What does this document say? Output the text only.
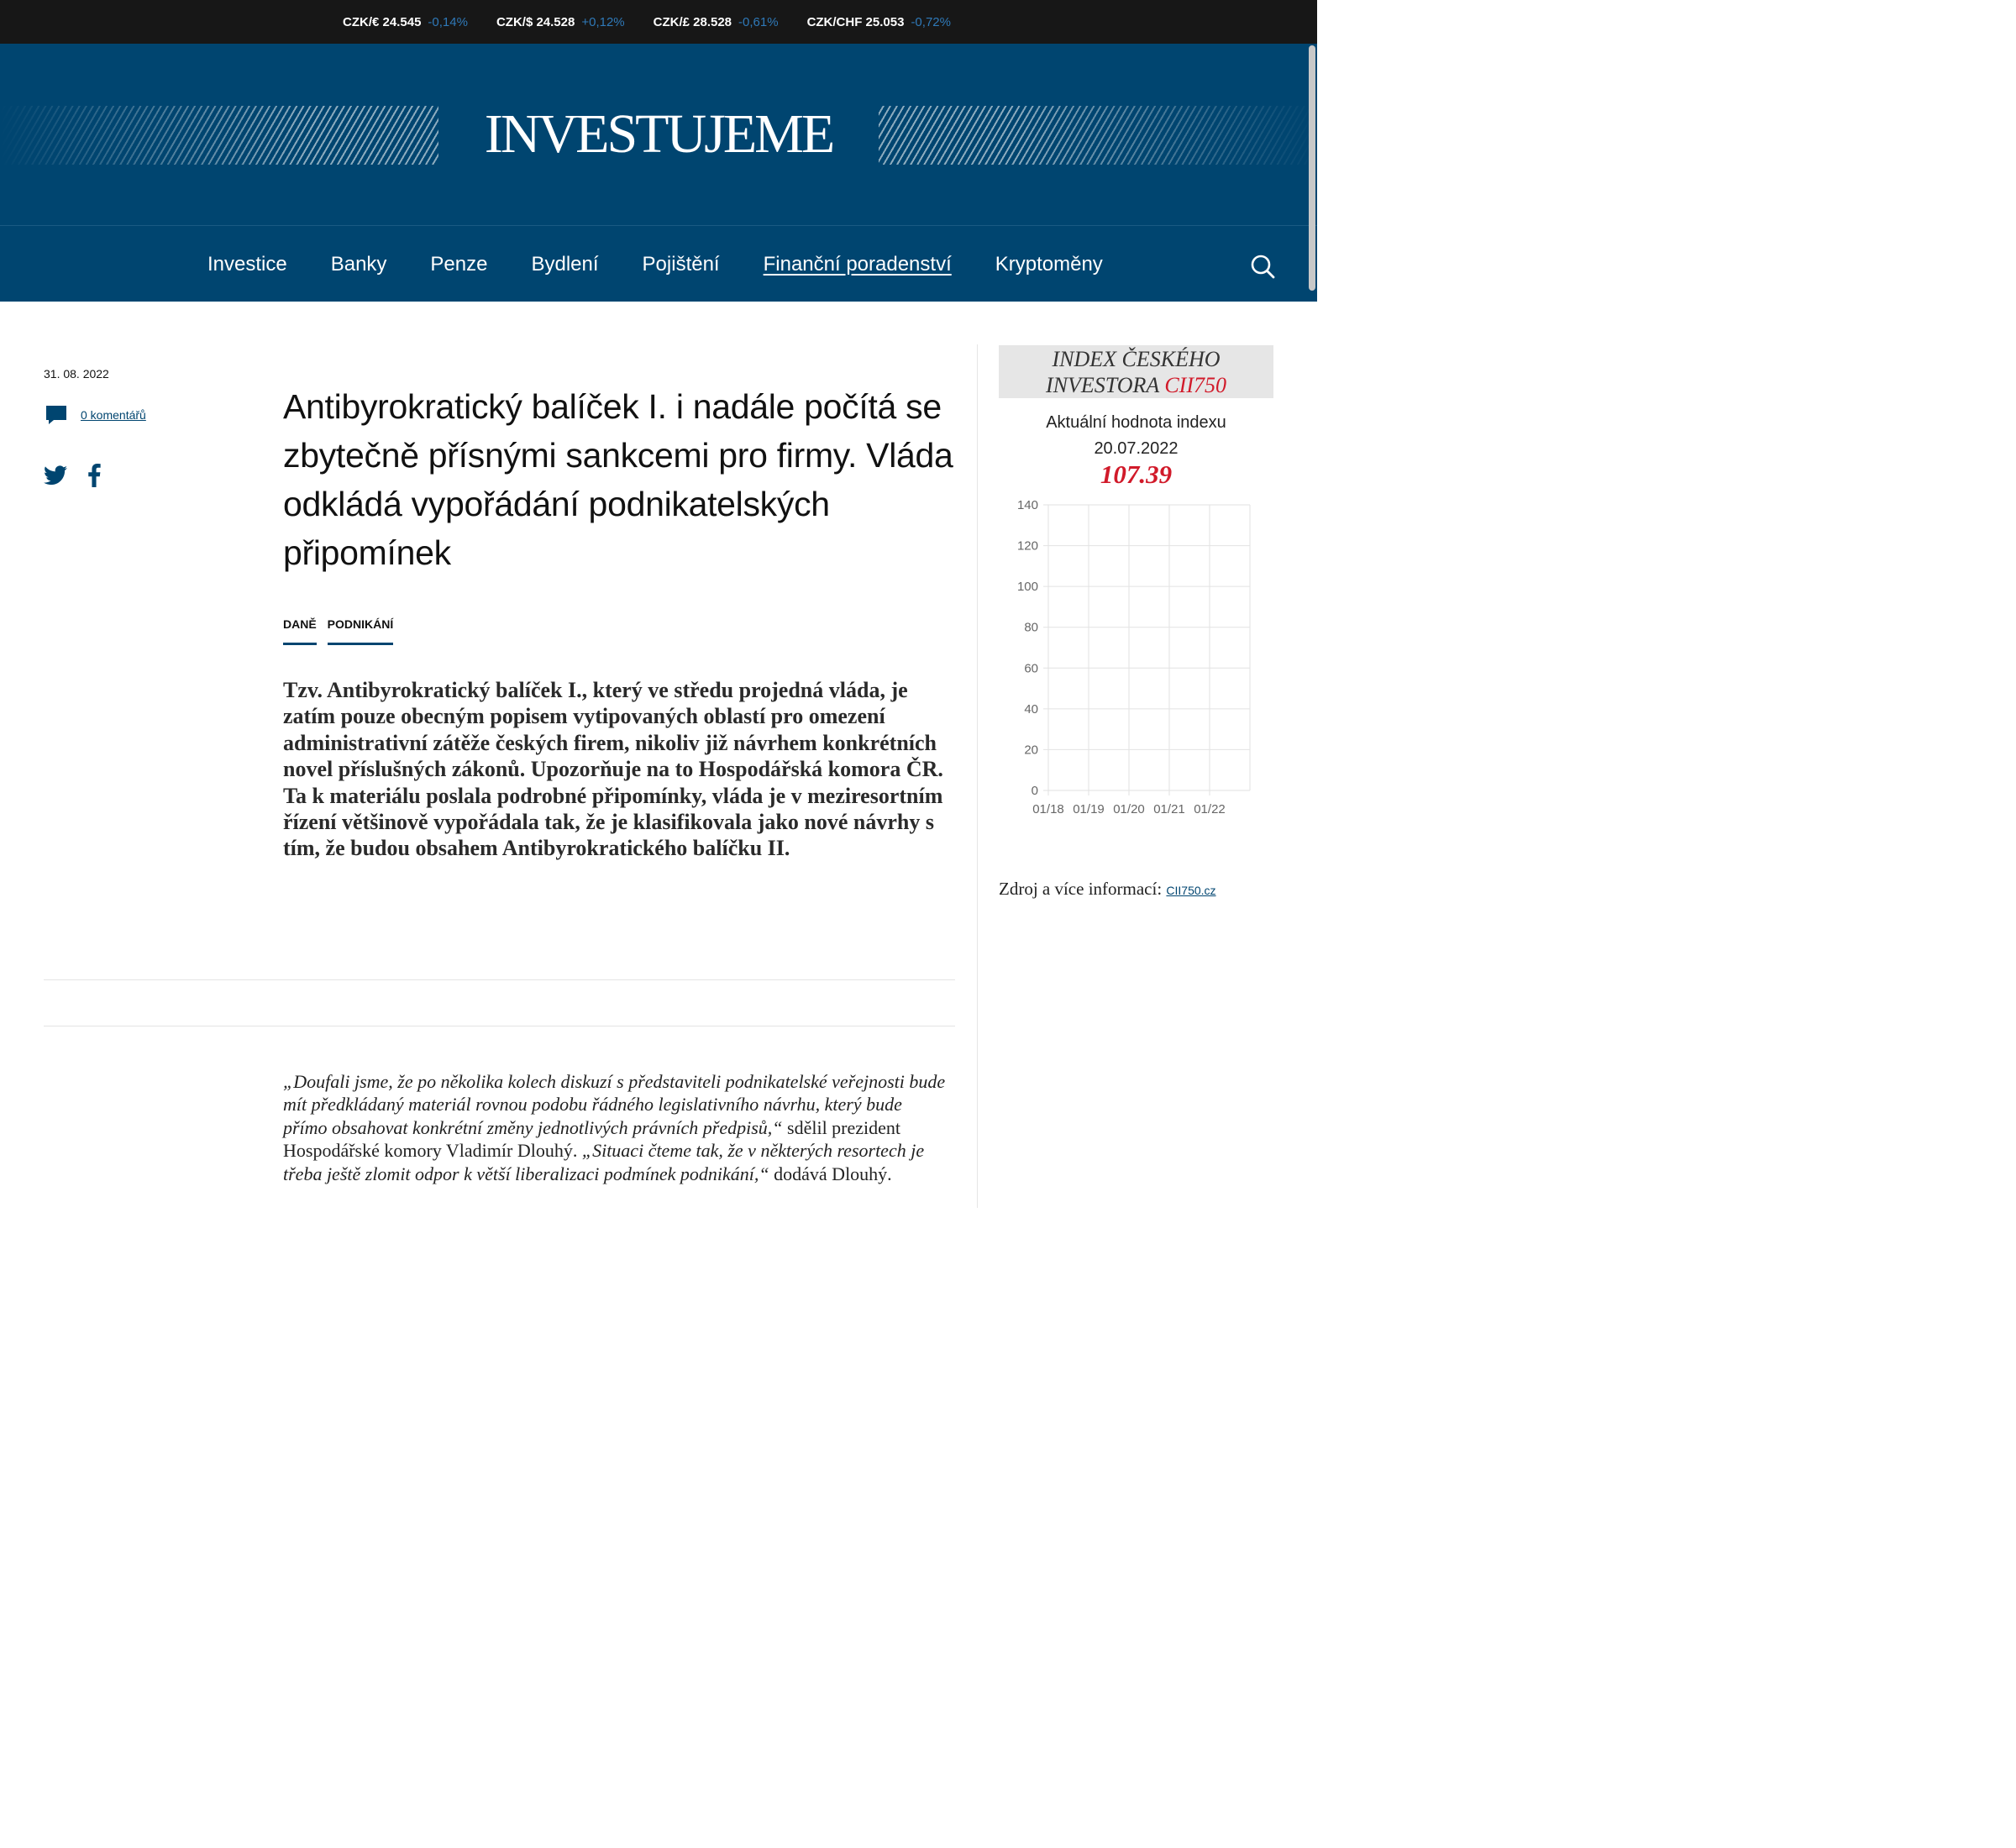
CZK/€ 24.545 -0,14% CZK/$ 24.528 +0,12% CZK/£ 28.528 -0,61% CZK/CHF 25.053 -0,72%
INVESTUJEME
Investice Banky Penze Bydlení Pojištění Finanční poradenství Kryptoměny
31. 08. 2022
0 komentářů	Antibyrokratický balíček I. i nadále počítá se zbytečně přísnými sankcemi pro firmy. Vláda odkládá vypořádání podnikatelských připomínek
DANĚ PODNIKÁNÍ

Tzv. Antibyrokratický balíček I., který ve středu projedná vláda, je zatím pouze obecným popisem vytipovaných oblastí pro omezení administrativní zátěže českých firem, nikoliv již návrhem konkrétních novel příslušných zákonů. Upozorňuje na to Hospodářská komora ČR. Ta k materiálu poslala podrobné připomínky, vláda je v meziresortním řízení většinově vypořádala tak, že je klasifikovala jako nové návrhy s tím, že budou obsahem Antibyrokratického balíčku II.

„Doufali jsme, že po několika kolech diskuzí s představiteli podnikatelské veřejnosti bude mít předkládaný materiál rovnou podobu řádného legislativního návrhu, který bude přímo obsahovat konkrétní změny jednotlivých právních předpisů,“ sdělil prezident Hospodářské komory Vladimír Dlouhý. „Situaci čteme tak, že v některých resortech je třeba ještě zlomit odpor k větší liberalizaci podmínek podnikání,“ dodává Dlouhý.

INDEX ČESKÉHO
INVESTORA CII750
Aktuální hodnota indexu
20.07.2022
107.39
0
20
40
60
80
100
120
140
01/18 01/19 01/20 01/21 01/22
Zdroj a více informací: CII750.cz
